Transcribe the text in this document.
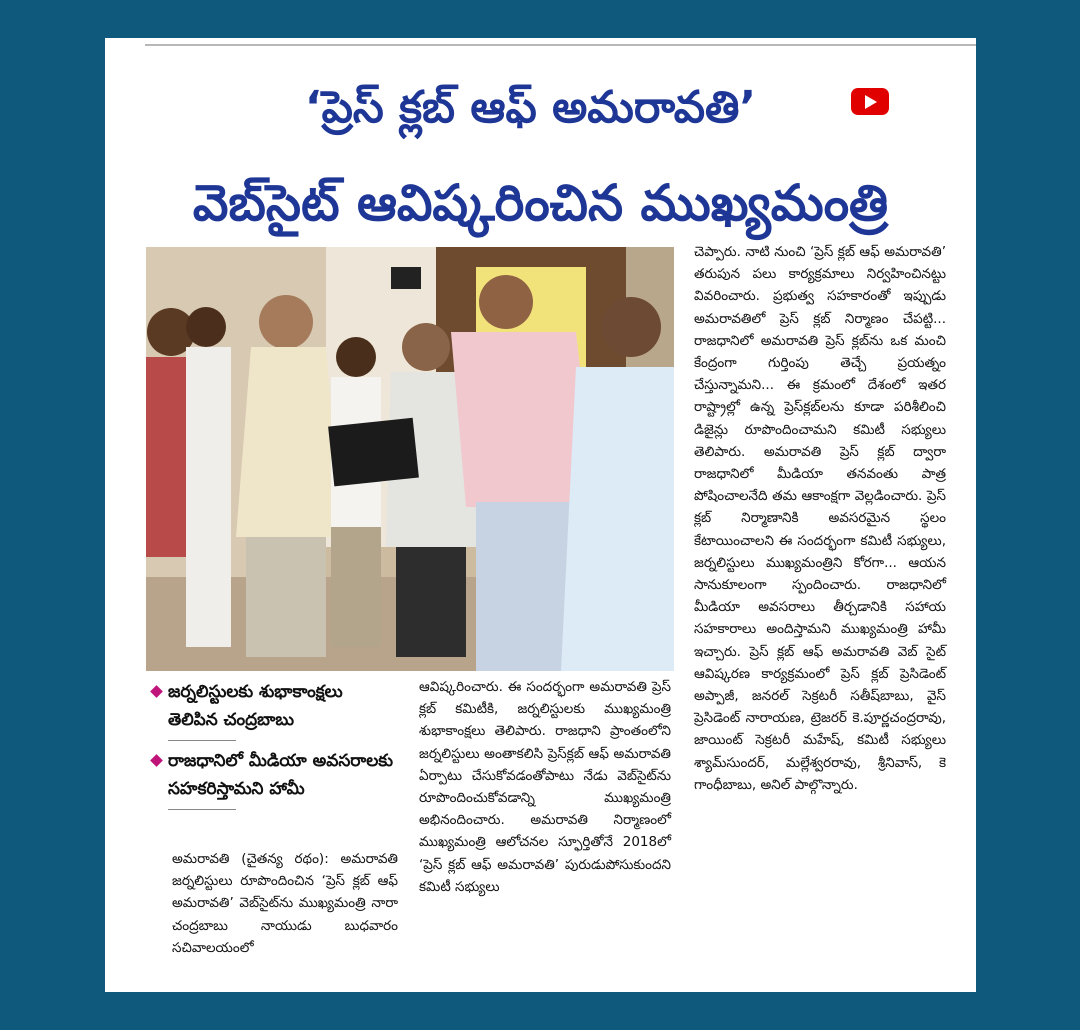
‘ప్రెస్ క్లబ్ ఆఫ్ అమరావతి’
వెబ్‌సైట్ ఆవిష్కరించిన ముఖ్యమంత్రి
జర్నలిస్టులకు శుభాకాంక్షలు తెలిపిన చంద్రబాబు
రాజధానిలో మీడియా అవసరాలకు సహకరిస్తామని హామీ

అమరావతి (చైతన్య రథం): అమరావతి జర్నలిస్టులు రూపొందించిన ‘ప్రెస్ క్లబ్ ఆఫ్ అమరావతి’ వెబ్‌సైట్‌ను ముఖ్యమంత్రి నారా చంద్రబాబు నాయుడు బుధవారం సచివాలయంలో

ఆవిష్కరించారు. ఈ సందర్భంగా అమరావతి ప్రెస్ క్లబ్ కమిటీకి, జర్నలిస్టులకు ముఖ్యమంత్రి శుభాకాంక్షలు తెలిపారు. రాజధాని ప్రాంతంలోని జర్నలిస్టులు అంతాకలిసి ప్రెస్‌క్లబ్ ఆఫ్ అమరావతి ఏర్పాటు చేసుకోవడంతోపాటు నేడు వెబ్‌సైట్‌ను రూపొందించుకోవడాన్ని ముఖ్యమంత్రి అభినందించారు. అమరావతి నిర్మాణంలో ముఖ్యమంత్రి ఆలోచనల స్ఫూర్తితోనే 2018లో ‘ప్రెస్ క్లబ్ ఆఫ్ అమరావతి’ పురుడుపోసుకుందని కమిటీ సభ్యులు

చెప్పారు. నాటి నుంచి ‘ప్రెస్ క్లబ్ ఆఫ్ అమరావతి’ తరుపున పలు కార్యక్రమాలు నిర్వహించినట్టు వివరించారు. ప్రభుత్వ సహకారంతో ఇప్పుడు అమరావతిలో ప్రెస్ క్లబ్ నిర్మాణం చేపట్టి... రాజధానిలో అమరావతి ప్రెస్ క్లబ్‌ను ఒక మంచి కేంద్రంగా గుర్తింపు తెచ్చే ప్రయత్నం చేస్తున్నామని... ఈ క్రమంలో దేశంలో ఇతర రాష్ట్రాల్లో ఉన్న ప్రెస్‌క్లబ్‌లను కూడా పరిశీలించి డిజైన్లు రూపొందించామని కమిటీ సభ్యులు తెలిపారు. అమరావతి ప్రెస్ క్లబ్ ద్వారా రాజధానిలో మీడియా తనవంతు పాత్ర పోషించాలనేది తమ ఆకాంక్షగా వెల్లడించారు. ప్రెస్ క్లబ్ నిర్మాణానికి అవసరమైన స్థలం కేటాయించాలని ఈ సందర్భంగా కమిటీ సభ్యులు, జర్నలిస్టులు ముఖ్యమంత్రిని కోరగా... ఆయన సానుకూలంగా స్పందించారు. రాజధానిలో మీడియా అవసరాలు తీర్చడానికి సహాయ సహకారాలు అందిస్తామని ముఖ్యమంత్రి హామీ ఇచ్చారు. ప్రెస్ క్లబ్ ఆఫ్ అమరావతి వెబ్ సైట్ ఆవిష్కరణ కార్యక్రమంలో ప్రెస్ క్లబ్ ప్రెసిడెంట్ అప్పాజీ, జనరల్ సెక్రటరీ సతీష్‌బాబు, వైస్ ప్రెసిడెంట్ నారాయణ, ట్రెజరర్ కె.పూర్ణచంద్రరావు, జాయింట్ సెక్రటరీ మహేష్, కమిటీ సభ్యులు శ్యామ్‌సుందర్, మల్లేశ్వరరావు, శ్రీనివాస్, కె గాంధీబాబు, అనిల్ పాల్గొన్నారు.
